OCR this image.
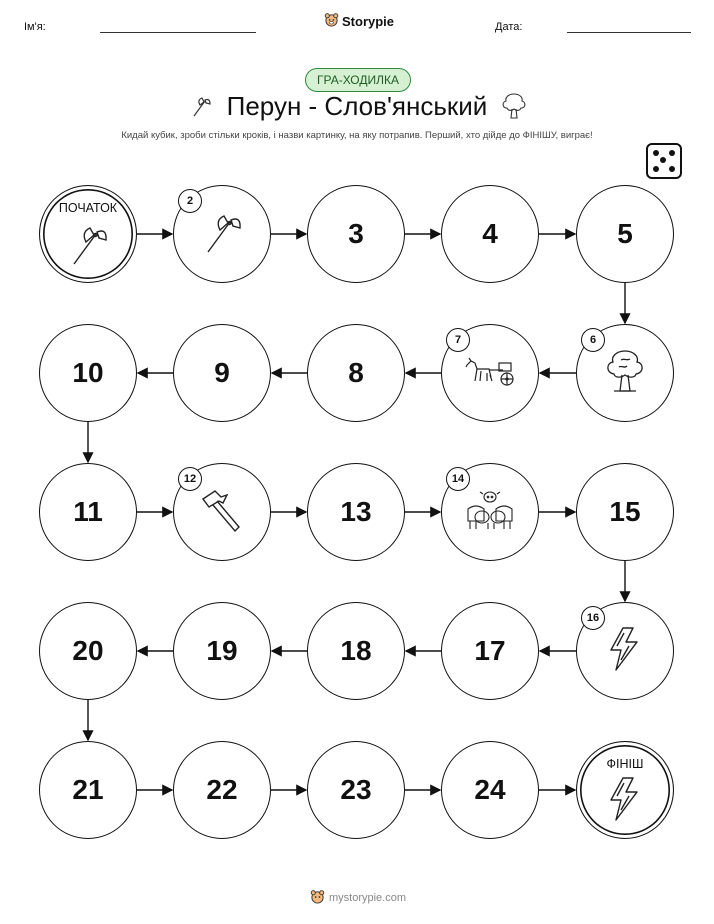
Ім'я:	Storypie	Дата:
ГРА-ХОДИЛКА
Перун - Слов'янський
Кидай кубик, зроби стільки кроків, і назви картинку, на яку потрапив. Перший, хто дійде до ФІНІШУ, виграє!
ПОЧАТОК	2
3	4	5
6
7
8
9
10
11
12
13
14
15
16
17
18
19
20
21	22	23	24
ФІНІШ
mystorypie.com
